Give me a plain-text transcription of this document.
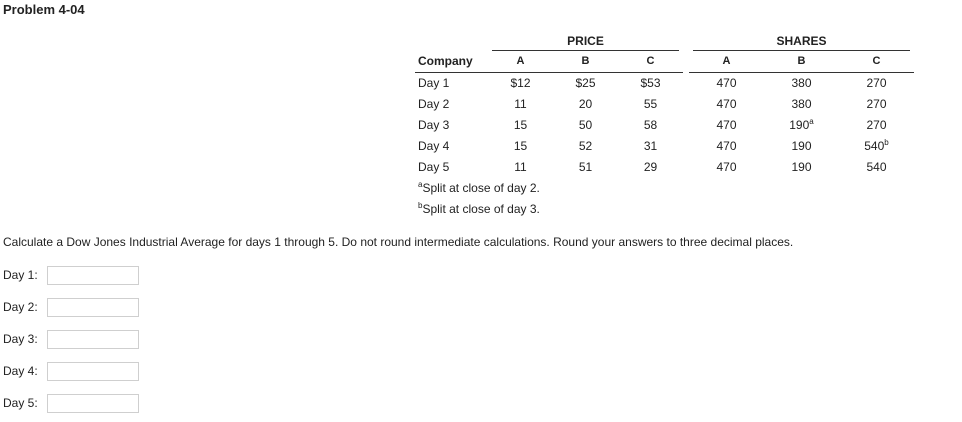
Problem 4-04

	PRICE				SHARES		

Company	A	B	C		A	B	C
Day 1	$12	$25	$53		470	380	270
Day 2	11	20	55		470	380	270
Day 3	15	50	58		470	190$^a$	270
Day 4	15	52	31		470	190	540$^b$
Day 5	11	51	29		470	190	540
$^a$Split at close of day 2.							
$^b$Split at close of day 3.							
Calculate a Dow Jones Industrial Average for days 1 through 5. Do not round intermediate calculations. Round your answers to three decimal places.
Day 1:
Day 2:
Day 3:
Day 4:
Day 5:
